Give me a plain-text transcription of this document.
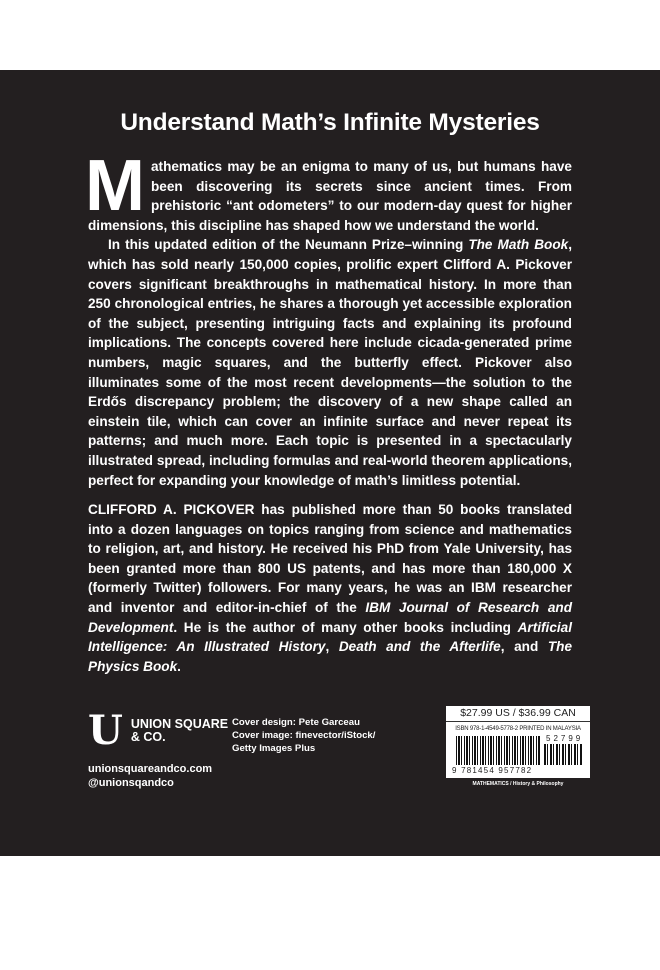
Understand Math’s Infinite Mysteries

Mathematics may be an enigma to many of us, but humans have been discovering its secrets since ancient times. From prehistoric “ant odometers” to our modern-day quest for higher dimensions, this discipline has shaped how we understand the world.

In this updated edition of the Neumann Prize–winning The Math Book, which has sold nearly 150,000 copies, prolific expert Clifford A. Pickover covers significant breakthroughs in mathematical history. In more than 250 chronological entries, he shares a thorough yet accessible exploration of the subject, presenting intriguing facts and explaining its profound implications. The concepts covered here include cicada-generated prime numbers, magic squares, and the butterfly effect. Pickover also illuminates some of the most recent developments—the solution to the Erdős discrepancy problem; the discovery of a new shape called an einstein tile, which can cover an infinite surface and never repeat its patterns; and much more. Each topic is presented in a spectacularly illustrated spread, including formulas and real-world theorem applications, perfect for expanding your knowledge of math’s limitless potential.

CLIFFORD A. PICKOVER has published more than 50 books translated into a dozen languages on topics ranging from science and mathematics to religion, art, and history. He received his PhD from Yale University, has been granted more than 800 US patents, and has more than 180,000 X (formerly Twitter) followers. For many years, he was an IBM researcher and inventor and editor-in-chief of the IBM Journal of Research and Development. He is the author of many other books including Artificial Intelligence: An Illustrated History, Death and the Afterlife, and The Physics Book.

U UNION SQUARE
& CO.
unionsquareandco.com
@unionsqandco
Cover design: Pete Garceau
Cover image: finevector/iStock/
Getty Images Plus
$27.99 US / $36.99 CAN
ISBN 978-1-4549-5778-2 PRINTED IN MALAYSIA
52799
9 781454 957782
MATHEMATICS / History & Philosophy
